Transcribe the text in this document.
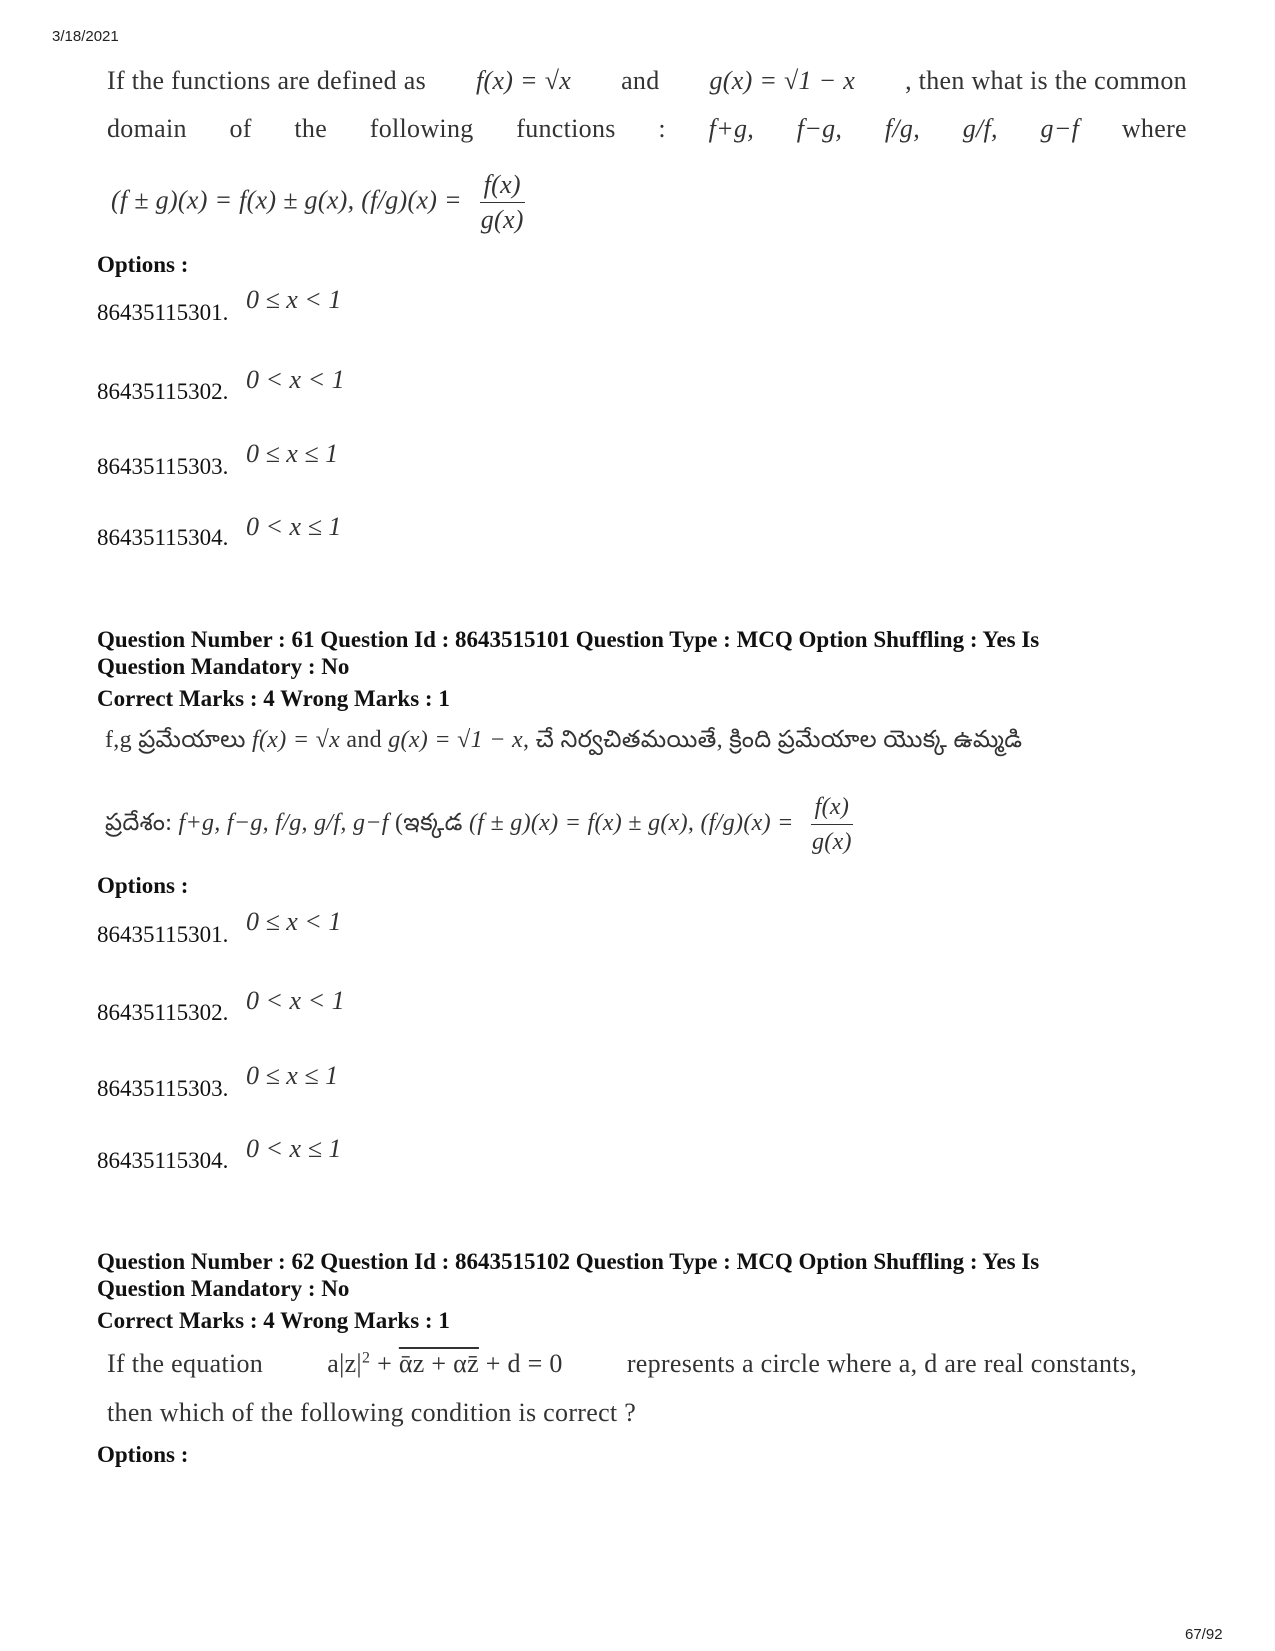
3/18/2021
If the functions are defined as f(x) = √x and g(x) = √1 − x , then what is the common
domain of the following functions : f+g, f−g, f/g, g/f, g−f where
(f ± g)(x) = f(x) ± g(x), $(f/g)(x) = \frac{f(x)}{g(x)}$
Options :
86435115301. 0 ≤ x < 1
86435115302. 0 < x < 1
86435115303. 0 ≤ x ≤ 1
86435115304. 0 < x ≤ 1
Question Number : 61 Question Id : 8643515101 Question Type : MCQ Option Shuffling : Yes Is
Question Mandatory : No
Correct Marks : 4 Wrong Marks : 1
f,g ప్రమేయాలు f(x) = √x and g(x) = √1 − x, చే నిర్వచితమయితే, క్రింది ప్రమేయాల యొక్క ఉమ్మడి
ప్రదేశం: f+g, f−g, f/g, g/f, g−f (ఇక్కడ (f ± g)(x) = f(x) ± g(x), $(f/g)(x) = \frac{f(x)}{g(x)}$
Options :
86435115301. 0 ≤ x < 1
86435115302. 0 < x < 1
86435115303. 0 ≤ x ≤ 1
86435115304. 0 < x ≤ 1
Question Number : 62 Question Id : 8643515102 Question Type : MCQ Option Shuffling : Yes Is
Question Mandatory : No
Correct Marks : 4 Wrong Marks : 1
If the equation $a|z|^2$ + ᾱz + αz̄ + d = 0 represents a circle where a, d are real constants,
then which of the following condition is correct ?
Options :
67/92
